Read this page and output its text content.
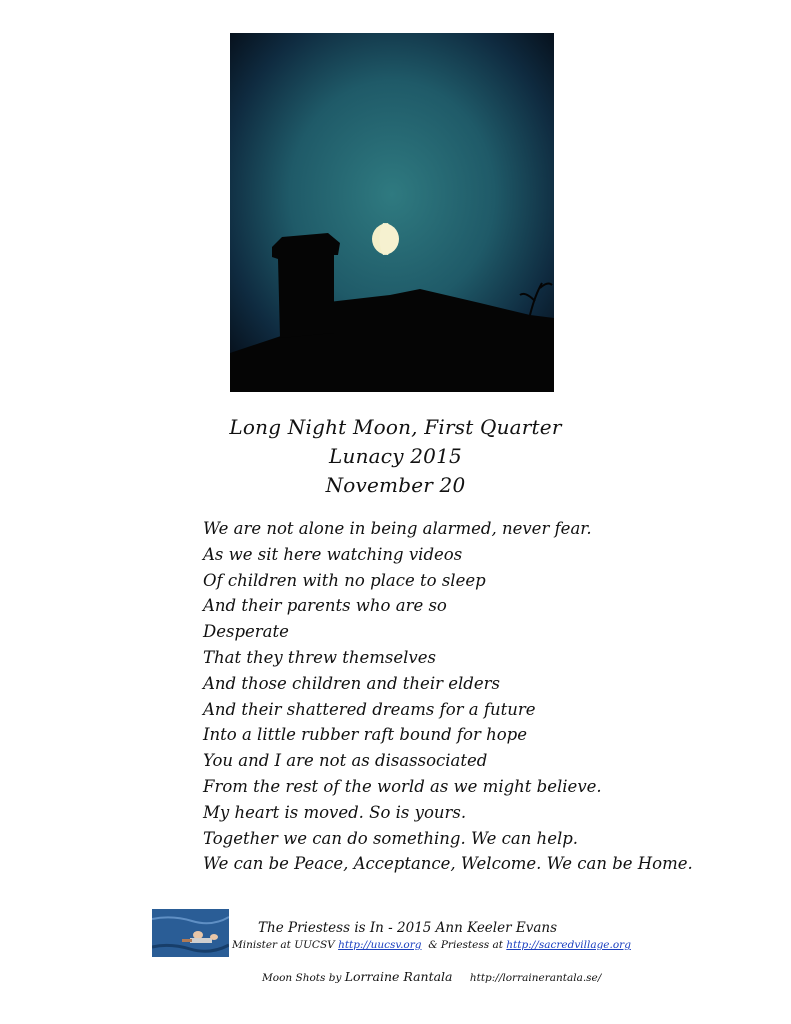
Long Night Moon, First Quarter
Lunacy 2015
November 20
We are not alone in being alarmed, never fear.
As we sit here watching videos
Of children with no place to sleep
And their parents who are so
Desperate
That they threw themselves
And those children and their elders
And their shattered dreams for a future
Into a little rubber raft bound for hope
You and I are not as disassociated
From the rest of the world as we might believe.
My heart is moved. So is yours.
Together we can do something. We can help.
We can be Peace, Acceptance, Welcome. We can be Home.
The Priestess is In - 2015 Ann Keeler Evans
Minister at UUCSV http://uucsv.org & Priestess at http://sacredvillage.org
Moon Shots by Lorraine Rantala http://lorrainerantala.se/
